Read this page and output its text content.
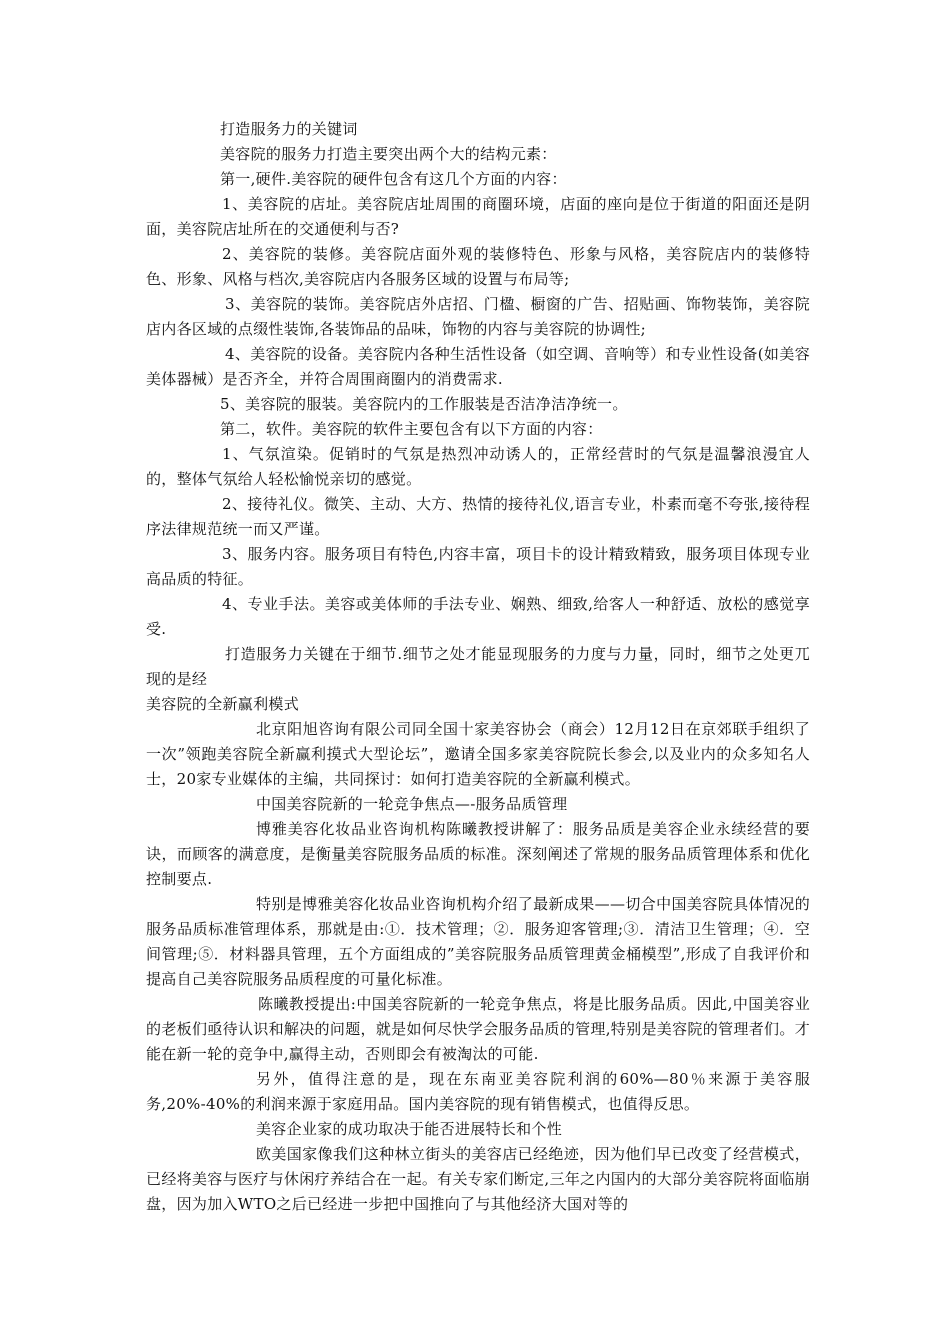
打造服务力的关键词

美容院的服务力打造主要突出两个大的结构元素：

第一,硬件.美容院的硬件包含有这几个方面的内容：

1、美容院的店址。美容院店址周围的商圈环境，店面的座向是位于街道的阳面还是阴面，美容院店址所在的交通便利与否?

2、美容院的装修。美容院店面外观的装修特色、形象与风格，美容院店内的装修特色、形象、风格与档次,美容院店内各服务区域的设置与布局等;

3、美容院的装饰。美容院店外店招、门楹、橱窗的广告、招贴画、饰物装饰，美容院店内各区域的点缀性装饰,各装饰品的品味，饰物的内容与美容院的协调性;

4、美容院的设备。美容院内各种生活性设备（如空调、音响等）和专业性设备(如美容美体器械）是否齐全，并符合周围商圈内的消费需求.

5、美容院的服装。美容院内的工作服装是否洁净洁净统一。

第二，软件。美容院的软件主要包含有以下方面的内容：

1、气氛渲染。促销时的气氛是热烈冲动诱人的，正常经营时的气氛是温馨浪漫宜人的，整体气氛给人轻松愉悦亲切的感觉。

2、接待礼仪。微笑、主动、大方、热情的接待礼仪,语言专业，朴素而毫不夸张,接待程序法律规范统一而又严谨。

3、服务内容。服务项目有特色,内容丰富，项目卡的设计精致精致，服务项目体现专业高品质的特征。

4、专业手法。美容或美体师的手法专业、娴熟、细致,给客人一种舒适、放松的感觉享受.

打造服务力关键在于细节.细节之处才能显现服务的力度与力量，同时，细节之处更兀现的是经

美容院的全新赢利模式

北京阳旭咨询有限公司同全国十家美容协会（商会）12月12日在京郊联手组织了一次”领跑美容院全新赢利摸式大型论坛”，邀请全国多家美容院院长参会,以及业内的众多知名人士，20家专业媒体的主编，共同探讨：如何打造美容院的全新赢利模式。

中国美容院新的一轮竞争焦点—-服务品质管理

博雅美容化妆品业咨询机构陈曦教授讲解了：服务品质是美容企业永续经营的要诀，而顾客的满意度，是衡量美容院服务品质的标准。深刻阐述了常规的服务品质管理体系和优化控制要点.

特别是博雅美容化妆品业咨询机构介绍了最新成果——切合中国美容院具体情况的服务品质标准管理体系，那就是由:①．技术管理；②．服务迎客管理;③．清洁卫生管理；④．空间管理;⑤．材料器具管理，五个方面组成的”美容院服务品质管理黄金桶模型”,形成了自我评价和提高自己美容院服务品质程度的可量化标准。

陈曦教授提出:中国美容院新的一轮竞争焦点，将是比服务品质。因此,中国美容业的老板们亟待认识和解决的问题，就是如何尽快学会服务品质的管理,特别是美容院的管理者们。才能在新一轮的竞争中,赢得主动，否则即会有被淘汰的可能.

另外，值得注意的是，现在东南亚美容院利润的60%—80％来源于美容服务,20%-40%的利润来源于家庭用品。国内美容院的现有销售模式，也值得反思。

美容企业家的成功取决于能否进展特长和个性

欧美国家像我们这种林立街头的美容店已经绝迹，因为他们早已改变了经营模式，已经将美容与医疗与休闲疗养结合在一起。有关专家们断定,三年之内国内的大部分美容院将面临崩盘，因为加入WTO之后已经进一步把中国推向了与其他经济大国对等的
